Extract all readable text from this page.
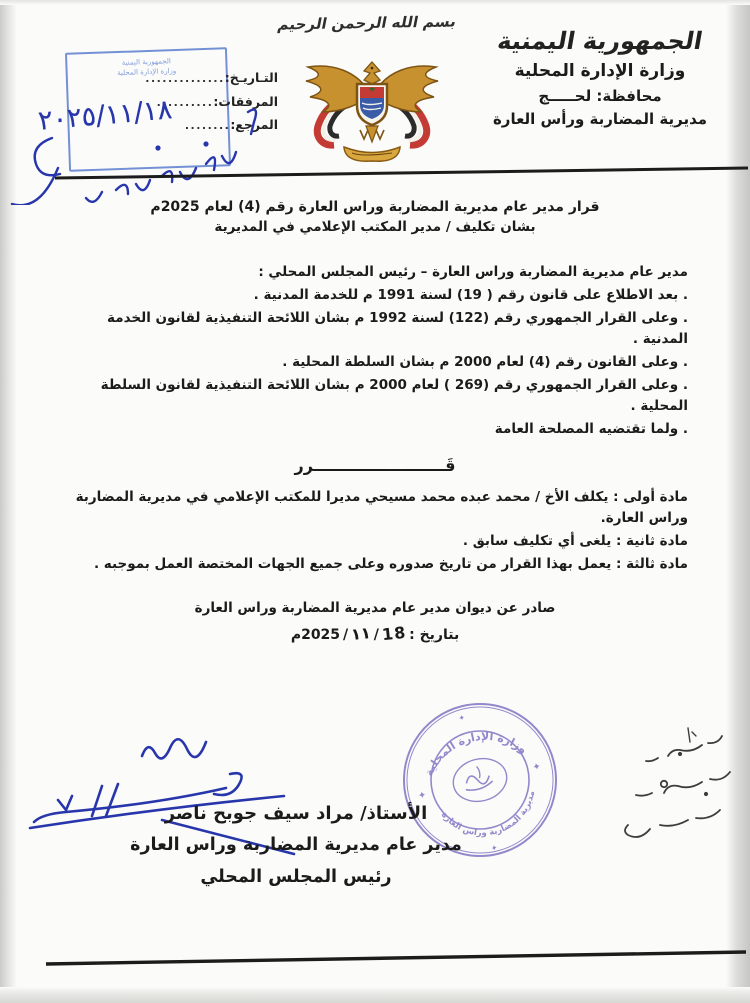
بسم الله الرحمن الرحيم
الجمهورية اليمنية
وزارة الإدارة المحلية
محافظة: لحـــــج
مديرية المضاربة ورأس العارة
الجمهورية اليمنية
وزارة الإدارة المحلية	التـاريـخ:
..............
المرفقات:
..........
المرجع:
........
٢٠٢٥/١١/١٨
قرار مدير عام مديرية المضاربة وراس العارة رقم (4) لعام 2025م
بشان تكليف / مدير المكتب الإعلامي في المديرية

مدير عام مديرية المضاربة وراس العارة – رئيس المجلس المحلي :

. بعد الاطلاع على قانون رقم ( 19) لسنة 1991 م للخدمة المدنية .

. وعلى القرار الجمهوري رقم (122) لسنة 1992 م بشان اللائحة التنفيذية لقانون الخدمة المدنية .

. وعلى القانون رقم (4) لعام 2000 م بشان السلطة المحلية .

. وعلى القرار الجمهوري رقم (269 ) لعام 2000 م بشان اللائحة التنفيذية لقانون السلطة المحلية .

. ولما تقتضيه المصلحة العامة

قَــــــــــــــــــــــــرر

مادة أولى : يكلف الأخ / محمد عبده محمد مسيحي مديرا للمكتب الإعلامي في مديرية المضاربة وراس العارة.

مادة ثانية : يلغى أي تكليف سابق .

مادة ثالثة : يعمل بهذا القرار من تاريخ صدوره وعلى جميع الجهات المختصة العمل بموجبه .

صادر عن ديوان مدير عام مديرية المضاربة وراس العارة
بتاريخ :
18
/
١١
/
2025م
وزارة الإدارة المحلية
مديرية المضاربة وراس العارة
✦
✦
✦
✦
الأستاذ/ مراد سيف جوبح ناصر
مدير عام مديرية المضاربة وراس العارة
رئيس المجلس المحلي
